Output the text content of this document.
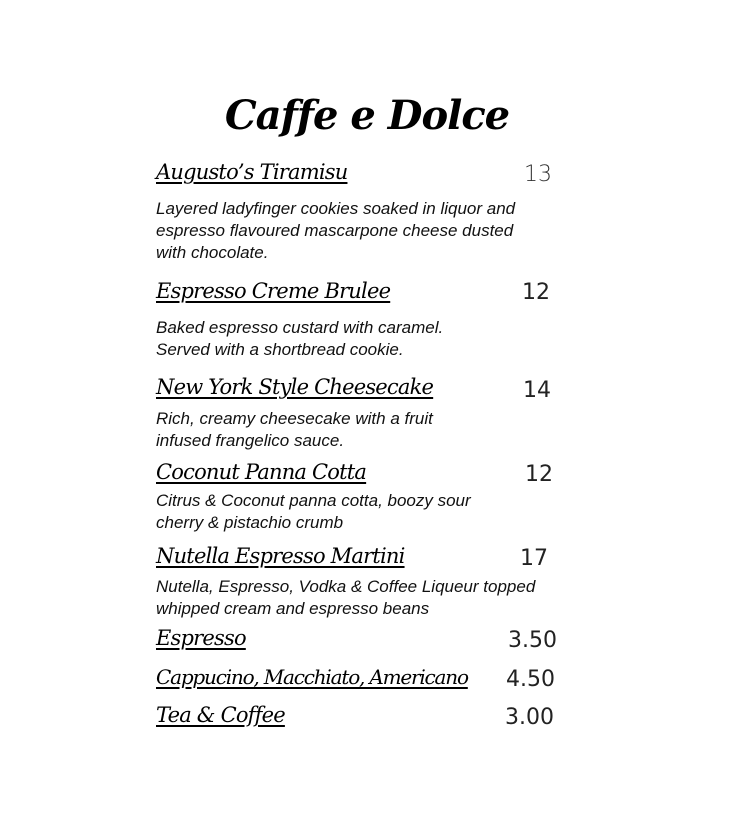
Caffe e Dolce
Augusto’s Tiramisu	13
Layered ladyfinger cookies soaked in liquor and espresso flavoured mascarpone cheese dusted with chocolate.
Espresso Creme Brulee	12
Baked espresso custard with caramel. Served with a shortbread cookie.
New York Style Cheesecake	14
Rich, creamy cheesecake with a fruit infused frangelico sauce.
Coconut Panna Cotta	12
Citrus & Coconut panna cotta, boozy sour cherry & pistachio crumb
Nutella Espresso Martini	17
Nutella, Espresso, Vodka & Coffee Liqueur topped whipped cream and espresso beans
Espresso	3.50
Cappucino, Macchiato, Americano 4.50
Tea & Coffee	3.00
